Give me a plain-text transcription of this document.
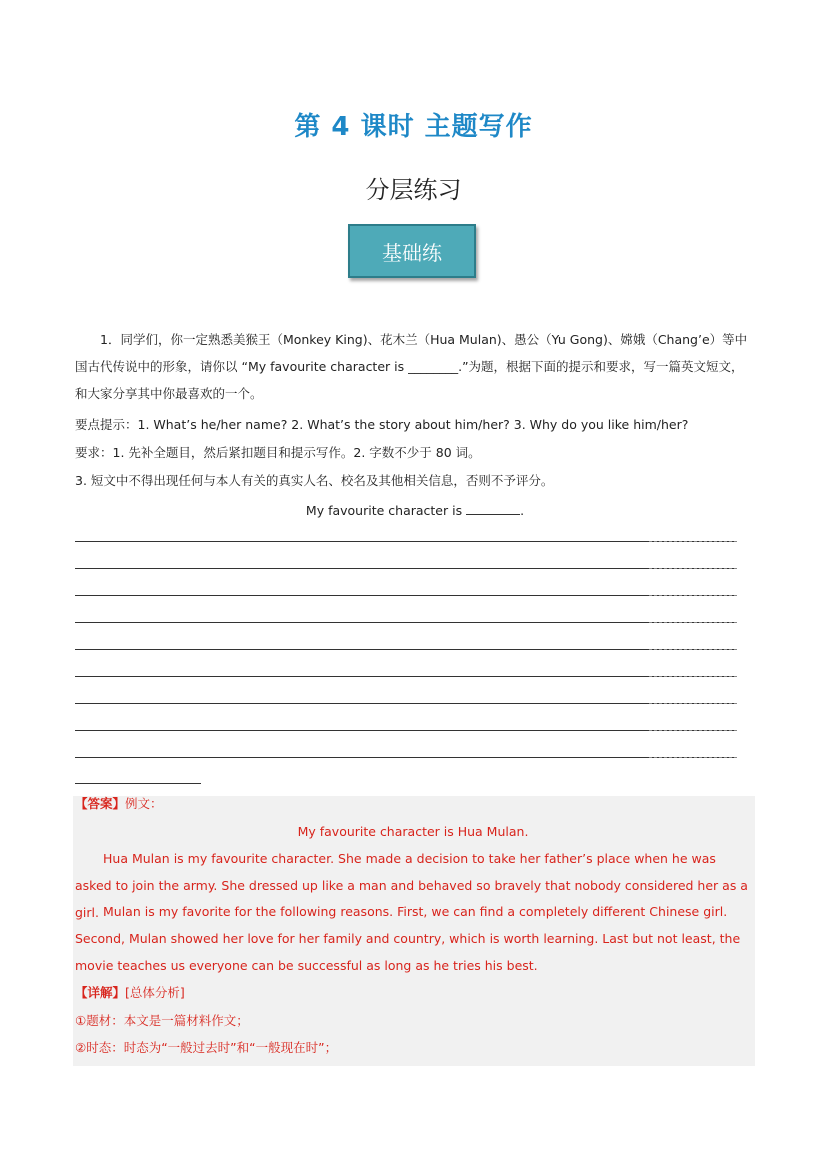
第 4 课时 主题写作
分层练习
基础练
1．同学们，你一定熟悉美猴王（Monkey King)、花木兰（Hua Mulan)、愚公（Yu Gong)、嫦娥（Chang’e）等中国古代传说中的形象，请你以 “My favourite character is ________.”为题，根据下面的提示和要求，写一篇英文短文，和大家分享其中你最喜欢的一个。
要点提示：1. What’s he/her name? 2. What’s the story about him/her? 3. Why do you like him/her?
要求：1. 先补全题目，然后紧扣题目和提示写作。2. 字数不少于 80 词。
3. 短文中不得出现任何与本人有关的真实人名、校名及其他相关信息，否则不予评分。
My favourite character is	.
【答案】例文：
My favourite character is Hua Mulan.
Hua Mulan is my favourite character. She made a decision to take her father’s place when he was asked to join the army. She dressed up like a man and behaved so bravely that nobody considered her as a girl. Mulan is my favorite for the following reasons. First, we can find a completely different Chinese girl. Second, Mulan showed her love for her family and country, which is worth learning. Last but not least, the movie teaches us everyone can be successful as long as he tries his best.
【详解】[总体分析]
①题材：本文是一篇材料作文；
②时态：时态为“一般过去时”和“一般现在时”；
